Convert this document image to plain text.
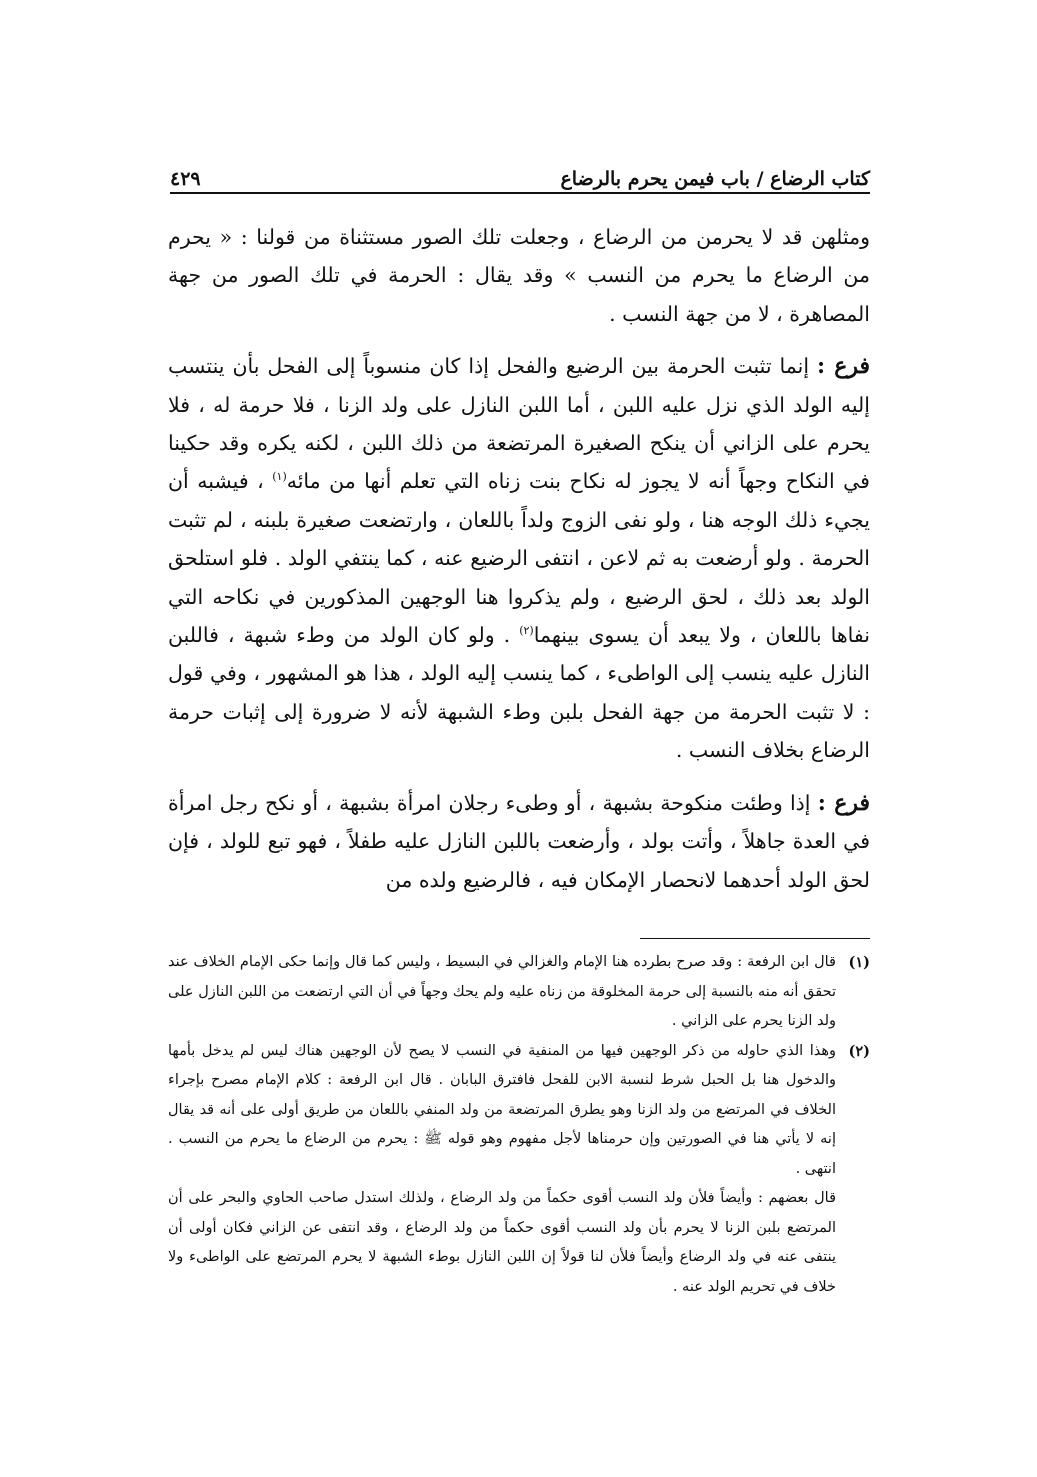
كتاب الرضاع / باب فيمن يحرم بالرضاع
٤٢٩

ومثلهن قد لا يحرمن من الرضاع ، وجعلت تلك الصور مستثناة من قولنا : « يحرم من الرضاع ما يحرم من النسب » وقد يقال : الحرمة في تلك الصور من جهة المصاهرة ، لا من جهة النسب .

فرع : إنما تثبت الحرمة بين الرضيع والفحل إذا كان منسوباً إلى الفحل بأن ينتسب إليه الولد الذي نزل عليه اللبن ، أما اللبن النازل على ولد الزنا ، فلا حرمة له ، فلا يحرم على الزاني أن ينكح الصغيرة المرتضعة من ذلك اللبن ، لكنه يكره وقد حكينا في النكاح وجهاً أنه لا يجوز له نكاح بنت زناه التي تعلم أنها من مائه$^{(١)}$ ، فيشبه أن يجيء ذلك الوجه هنا ، ولو نفى الزوج ولداً باللعان ، وارتضعت صغيرة بلبنه ، لم تثبت الحرمة . ولو أرضعت به ثم لاعن ، انتفى الرضيع عنه ، كما ينتفي الولد . فلو استلحق الولد بعد ذلك ، لحق الرضيع ، ولم يذكروا هنا الوجهين المذكورين في نكاحه التي نفاها باللعان ، ولا يبعد أن يسوى بينهما$^{(٢)}$ . ولو كان الولد من وطء شبهة ، فاللبن النازل عليه ينسب إلى الواطىء ، كما ينسب إليه الولد ، هذا هو المشهور ، وفي قول : لا تثبت الحرمة من جهة الفحل بلبن وطء الشبهة لأنه لا ضرورة إلى إثبات حرمة الرضاع بخلاف النسب .

فرع : إذا وطئت منكوحة بشبهة ، أو وطىء رجلان امرأة بشبهة ، أو نكح رجل امرأة في العدة جاهلاً ، وأتت بولد ، وأرضعت باللبن النازل عليه طفلاً ، فهو تبع للولد ، فإن لحق الولد أحدهما لانحصار الإمكان فيه ، فالرضيع ولده من

(١)

قال ابن الرفعة : وقد صرح بطرده هنا الإمام والغزالي في البسيط ، وليس كما قال وإنما حكى الإمام الخلاف عند تحقق أنه منه بالنسبة إلى حرمة المخلوقة من زناه عليه ولم يحك وجهاً في أن التي ارتضعت من اللبن النازل على ولد الزنا يحرم على الزاني .

(٢)

وهذا الذي حاوله من ذكر الوجهين فيها من المنفية في النسب لا يصح لأن الوجهين هناك ليس لم يدخل بأمها والدخول هنا بل الحبل شرط لنسبة الابن للفحل فافترق البابان . قال ابن الرفعة : كلام الإمام مصرح بإجراء الخلاف في المرتضع من ولد الزنا وهو يطرق المرتضعة من ولد المنفي باللعان من طريق أولى على أنه قد يقال إنه لا يأتي هنا في الصورتين وإن حرمناها لأجل مفهوم وهو قوله ﷺ : يحرم من الرضاع ما يحرم من النسب . انتهى .

قال بعضهم : وأيضاً فلأن ولد النسب أقوى حكماً من ولد الرضاع ، ولذلك استدل صاحب الحاوي والبحر على أن المرتضع بلبن الزنا لا يحرم بأن ولد النسب أقوى حكماً من ولد الرضاع ، وقد انتفى عن الزاني فكان أولى أن ينتفى عنه في ولد الرضاع وأيضاً فلأن لنا قولاً إن اللبن النازل بوطء الشبهة لا يحرم المرتضع على الواطىء ولا خلاف في تحريم الولد عنه .
